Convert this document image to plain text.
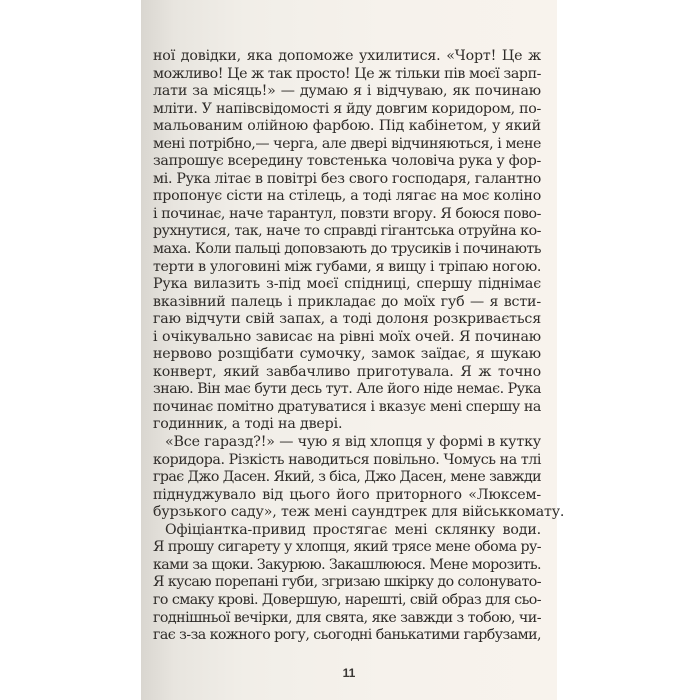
ної довідки, яка допоможе ухилитися. «Чорт! Це ж
можливо! Це ж так просто! Це ж тільки пів моєї зарп-
лати за місяць!» — думаю я і відчуваю, як починаю
мліти. У напівсвідомості я йду довгим коридором, по-
мальованим олійною фарбою. Під кабінетом, у який
мені потрібно,— черга, але двері відчиняються, і мене
запрошує всередину товстенька чоловіча рука у фор-
мі. Рука літає в повітрі без свого господаря, галантно
пропонує сісти на стілець, а тоді лягає на моє коліно
і починає, наче тарантул, повзти вгору. Я боюся пово-
рухнутися, так, наче то справді гігантська отруйна ко-
маха. Коли пальці доповзають до трусиків і починають
терти в улоговині між губами, я вищу і тріпаю ногою.
Рука вилазить з-під моєї спідниці, спершу піднімає
вказівний палець і прикладає до моїх губ — я вcти-
гаю відчути свій запах, а тоді долоня розкривається
і очікувально зависає на рівні моїх очей. Я починаю
нервово розщібати сумочку, замок заїдає, я шукаю
конверт, який завбачливо приготувала. Я ж точно
знаю. Він має бути десь тут. Але його ніде немає. Рука
починає помітно дратуватися і вказує мені спершу на
годинник, а тоді на двері.
«Все гаразд?!» — чую я від хлопця у формі в кутку
коридора. Різкість наводиться повільно. Чомусь на тлі
грає Джо Дасен. Який, з біса, Джо Дасен, мене завжди
піднуджувало від цього його приторного «Люксем-
бурзького саду», теж мені саундтрек для військкомату.
Офіціантка-привид простягає мені склянку води.
Я прошу сигарету у хлопця, який трясе мене обома ру-
ками за щоки. Закурюю. Закашлююся. Мене морозить.
Я кусаю порепані губи, згризаю шкірку до солонувато-
го смаку крові. Довершую, нарешті, свій образ для сьо-
годнішньої вечірки, для свята, яке завжди з тобою, чи-
гає з-за кожного рогу, сьогодні банькатими гарбузами,
11
